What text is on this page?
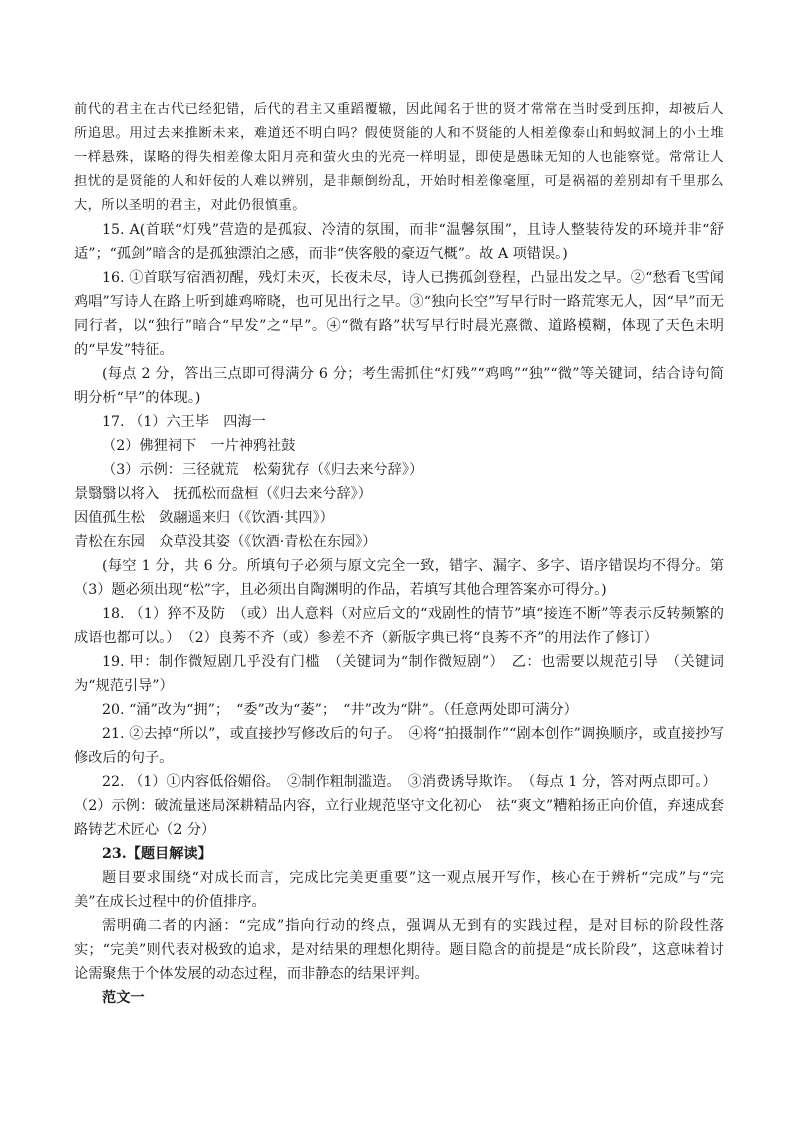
前代的君主在古代已经犯错，后代的君主又重蹈覆辙，因此闻名于世的贤才常常在当时受到压抑，却被后人所追思。用过去来推断未来，难道还不明白吗？假使贤能的人和不贤能的人相差像泰山和蚂蚁洞上的小土堆一样悬殊，谋略的得失相差像太阳月亮和萤火虫的光亮一样明显，即使是愚昧无知的人也能察觉。常常让人担忧的是贤能的人和奸佞的人难以辨别，是非颠倒纷乱，开始时相差像毫厘，可是祸福的差别却有千里那么大，所以圣明的君主，对此仍很慎重。

15. A(首联“灯残”营造的是孤寂、冷清的氛围，而非“温馨氛围”，且诗人整装待发的环境并非“舒适”；“孤剑”暗含的是孤独漂泊之感，而非“侠客般的豪迈气概”。故 A 项错误。)

16. ①首联写宿酒初醒，残灯未灭，长夜未尽，诗人已携孤剑登程，凸显出发之早。②“愁看飞雪闻鸡唱”写诗人在路上听到雄鸡啼晓，也可见出行之早。③“独向长空”写早行时一路荒寒无人，因“早”而无同行者，以“独行”暗合“早发”之“早”。④“微有路”状写早行时晨光熹微、道路模糊，体现了天色未明的“早发”特征。

(每点 2 分，答出三点即可得满分 6 分；考生需抓住“灯残”“鸡鸣”“独”“微”等关键词，结合诗句简明分析“早”的体现。)

17. （1）六王毕　四海一

（2）佛狸祠下　一片神鸦社鼓

（3）示例：三径就荒　松菊犹存（《归去来兮辞》）

景翳翳以将入　抚孤松而盘桓（《归去来兮辞》）

因值孤生松　敛翮遥来归（《饮酒·其四》）

青松在东园　众草没其姿（《饮酒·青松在东园》）

(每空 1 分，共 6 分。所填句子必须与原文完全一致，错字、漏字、多字、语序错误均不得分。第（3）题必须出现“松”字，且必须出自陶渊明的作品，若填写其他合理答案亦可得分。)

18. （1）猝不及防　（或）出人意料（对应后文的“戏剧性的情节”填“接连不断”等表示反转频繁的成语也都可以。）　（2）良莠不齐（或）参差不齐（新版字典已将“良莠不齐”的用法作了修订）

19. 甲：制作微短剧几乎没有门槛　（关键词为“制作微短剧”）　乙：也需要以规范引导　（关键词为“规范引导”）

20. “涌”改为“拥”；　“委”改为“萎”；　“井”改为“阱”。（任意两处即可满分）

21. ②去掉“所以”，或直接抄写修改后的句子。　④将“拍摄制作”“剧本创作”调换顺序，或直接抄写修改后的句子。

22. （1）①内容低俗媚俗。　②制作粗制滥造。　③消费诱导欺诈。　（每点 1 分，答对两点即可。）

（2）示例：破流量迷局深耕精品内容，立行业规范坚守文化初心　祛“爽文”糟粕扬正向价值，弃速成套路铸艺术匠心（2 分）

23.【题目解读】

题目要求围绕“对成长而言，完成比完美更重要”这一观点展开写作，核心在于辨析“完成”与“完美”在成长过程中的价值排序。

需明确二者的内涵：“完成”指向行动的终点，强调从无到有的实践过程，是对目标的阶段性落实；“完美”则代表对极致的追求，是对结果的理想化期待。题目隐含的前提是“成长阶段”，这意味着讨论需聚焦于个体发展的动态过程，而非静态的结果评判。

范文一
